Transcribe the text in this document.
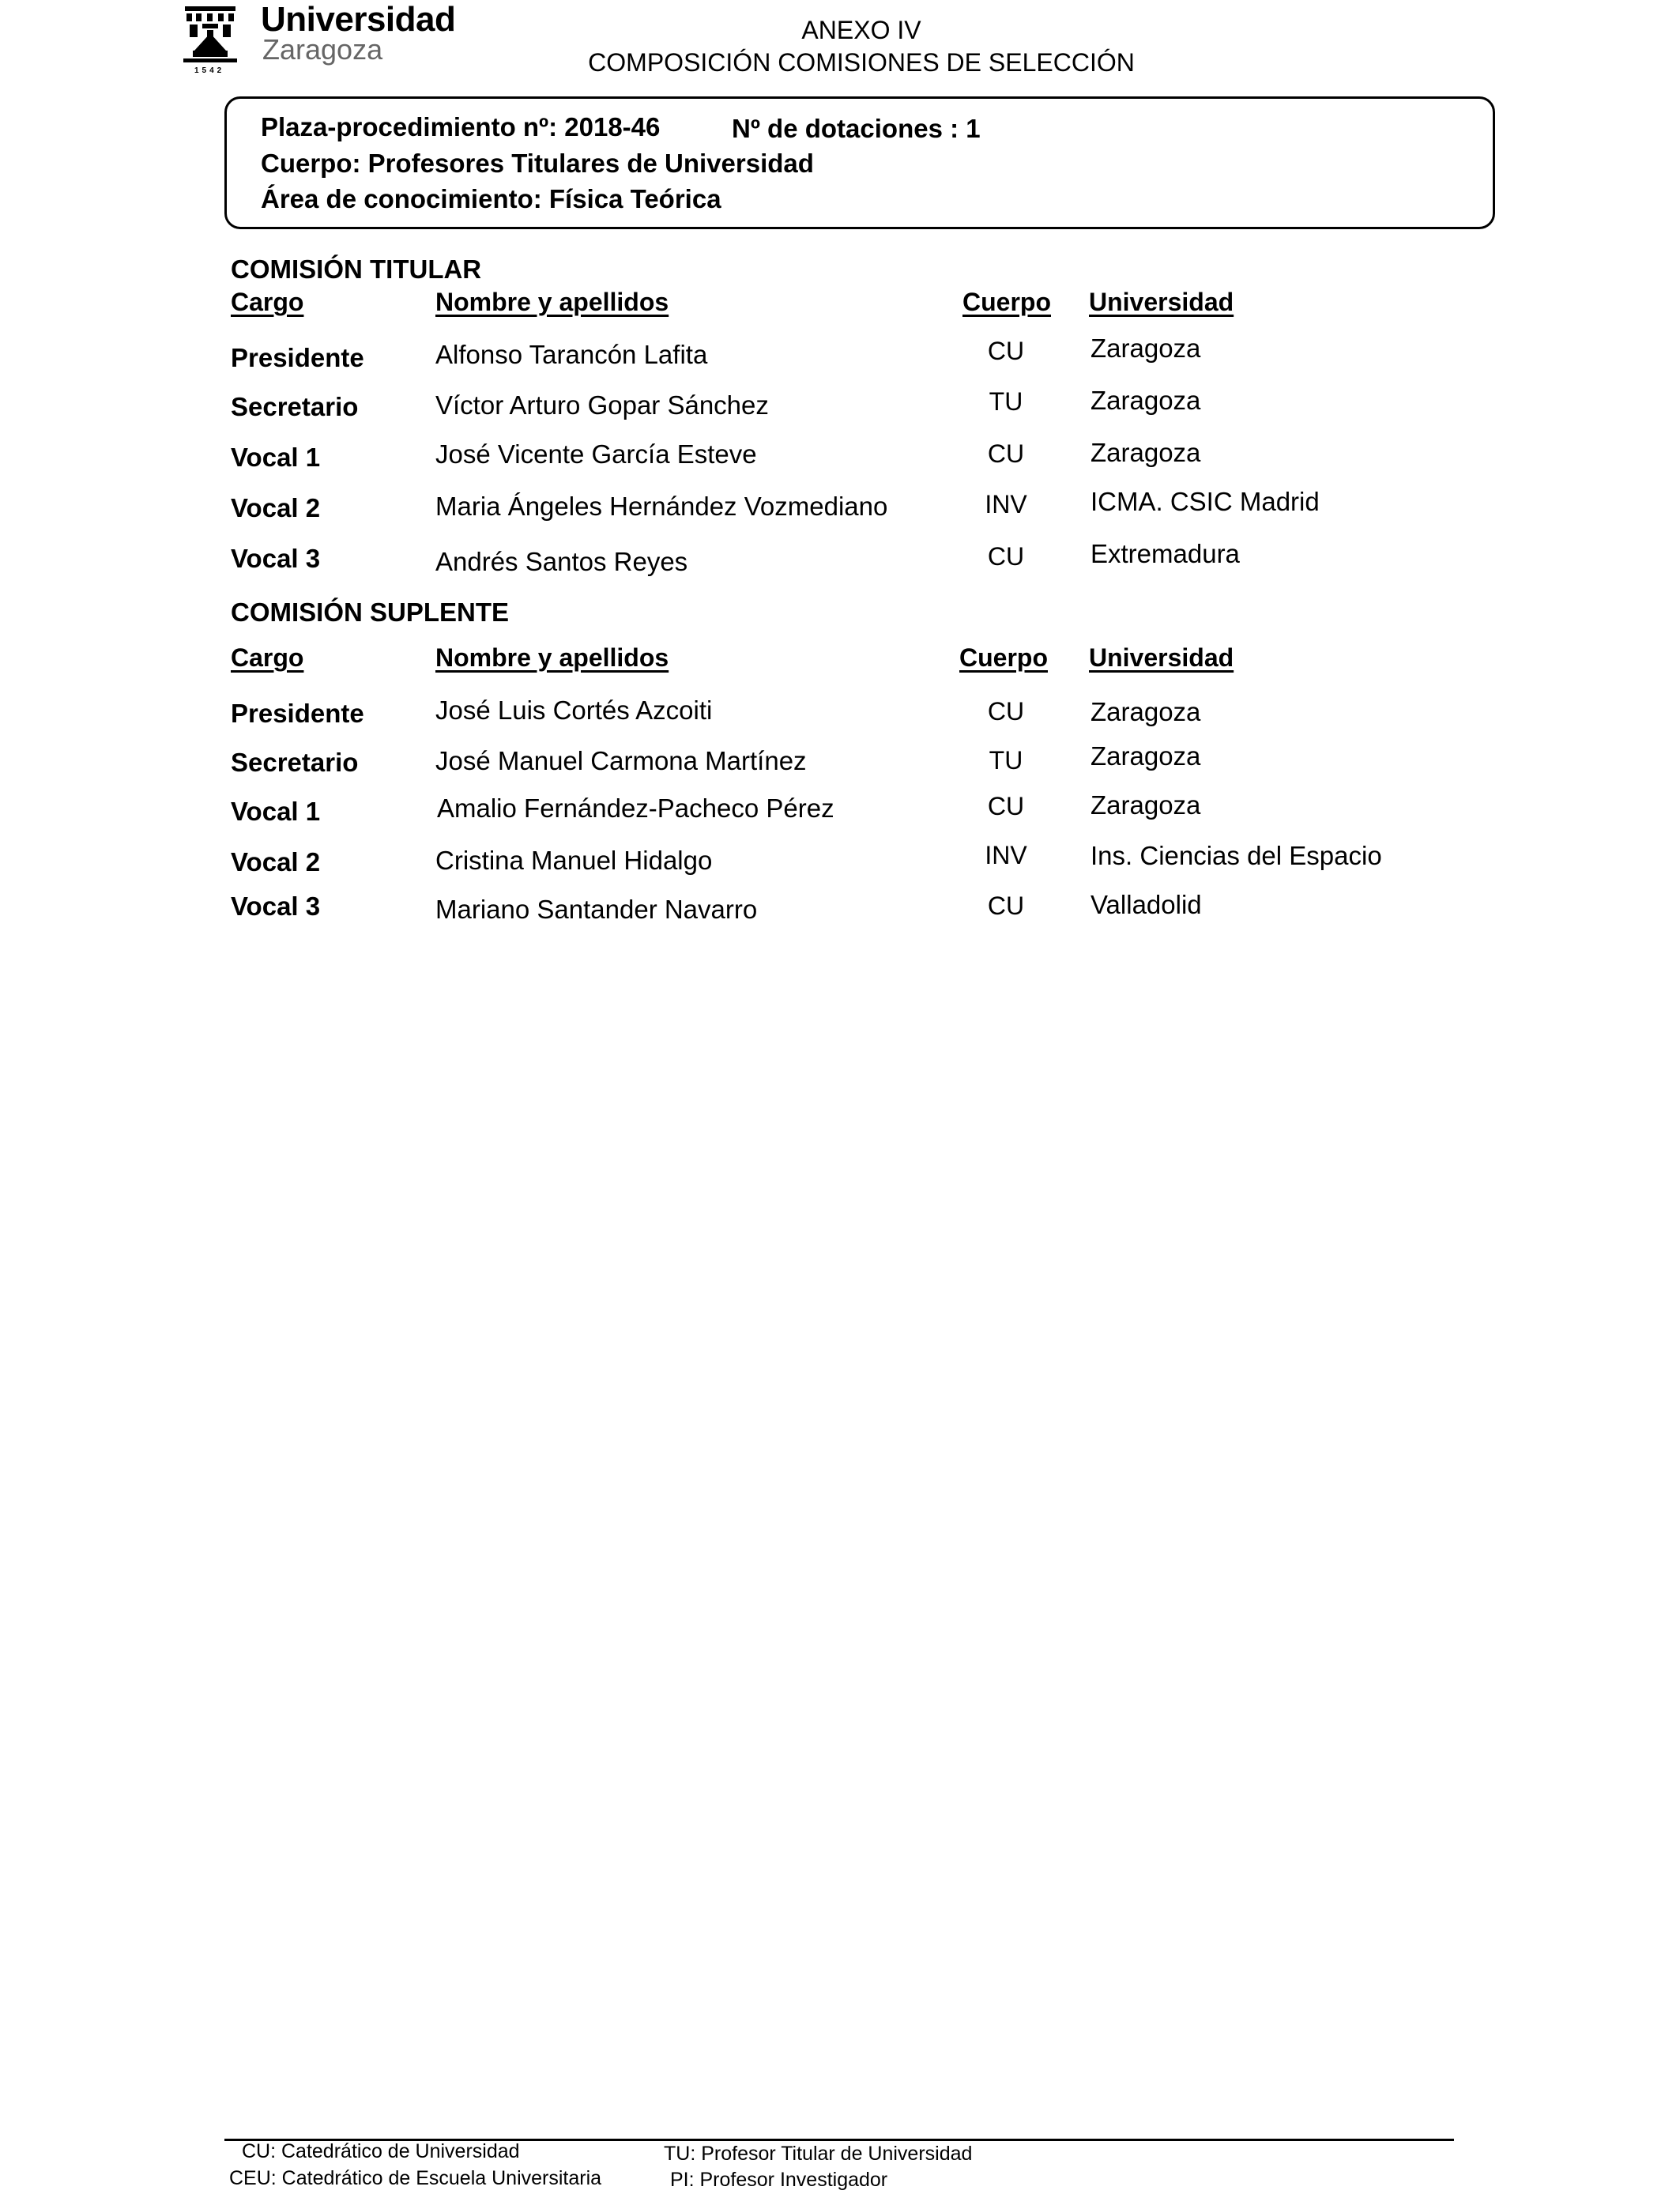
Universidad
Zaragoza
1542
ANEXO IV
COMPOSICIÓN COMISIONES DE SELECCIÓN
Plaza-procedimiento nº: 2018-46	Nº de dotaciones : 1
Cuerpo: Profesores Titulares de Universidad
Área de conocimiento: Física Teórica
COMISIÓN TITULAR
Cargo	Nombre y apellidos	Cuerpo Universidad
Presidente	Alfonso Tarancón Lafita	CU	Zaragoza
Secretario	Víctor Arturo Gopar Sánchez	TU	Zaragoza
Vocal 1	José Vicente García Esteve	CU	Zaragoza
Vocal 2	Maria Ángeles Hernández Vozmediano	INV	ICMA. CSIC Madrid
Vocal 3	Andrés Santos Reyes	CU	Extremadura
COMISIÓN SUPLENTE
Cargo	Nombre y apellidos	Cuerpo Universidad
Presidente	José Luis Cortés Azcoiti	CU	Zaragoza
Secretario	José Manuel Carmona Martínez	TU	Zaragoza
Vocal 1	Amalio Fernández-Pacheco Pérez	CU	Zaragoza
Vocal 2	Cristina Manuel Hidalgo	INV	Ins. Ciencias del Espacio
Vocal 3	Mariano Santander Navarro	CU	Valladolid
CU: Catedrático de Universidad
CEU: Catedrático de Escuela Universitaria
TU: Profesor Titular de Universidad
PI: Profesor Investigador
